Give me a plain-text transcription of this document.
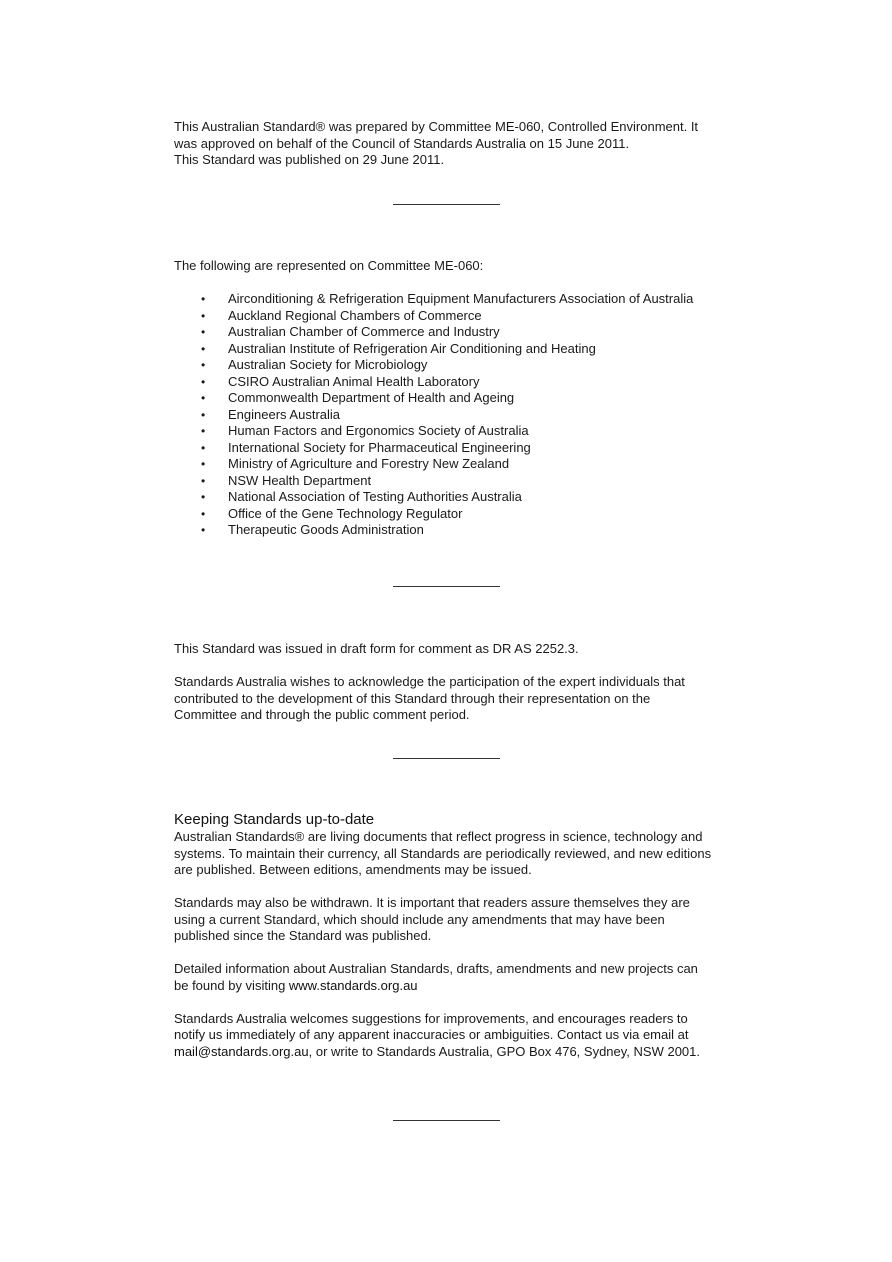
This Australian Standard® was prepared by Committee ME-060, Controlled Environment. It

was approved on behalf of the Council of Standards Australia on 15 June 2011.

This Standard was published on 29 June 2011.

The following are represented on Committee ME-060:

• Airconditioning & Refrigeration Equipment Manufacturers Association of Australia
• Auckland Regional Chambers of Commerce
• Australian Chamber of Commerce and Industry
• Australian Institute of Refrigeration Air Conditioning and Heating
• Australian Society for Microbiology
• CSIRO Australian Animal Health Laboratory
• Commonwealth Department of Health and Ageing
• Engineers Australia
• Human Factors and Ergonomics Society of Australia
• International Society for Pharmaceutical Engineering
• Ministry of Agriculture and Forestry New Zealand
• NSW Health Department
• National Association of Testing Authorities Australia
• Office of the Gene Technology Regulator
• Therapeutic Goods Administration

This Standard was issued in draft form for comment as DR AS 2252.3.

Standards Australia wishes to acknowledge the participation of the expert individuals that

contributed to the development of this Standard through their representation on the

Committee and through the public comment period.

Keeping Standards up-to-date

Australian Standards® are living documents that reflect progress in science, technology and

systems. To maintain their currency, all Standards are periodically reviewed, and new editions

are published. Between editions, amendments may be issued.

Standards may also be withdrawn. It is important that readers assure themselves they are

using a current Standard, which should include any amendments that may have been

published since the Standard was published.

Detailed information about Australian Standards, drafts, amendments and new projects can

be found by visiting www.standards.org.au

Standards Australia welcomes suggestions for improvements, and encourages readers to

notify us immediately of any apparent inaccuracies or ambiguities. Contact us via email at

mail@standards.org.au, or write to Standards Australia, GPO Box 476, Sydney, NSW 2001.
